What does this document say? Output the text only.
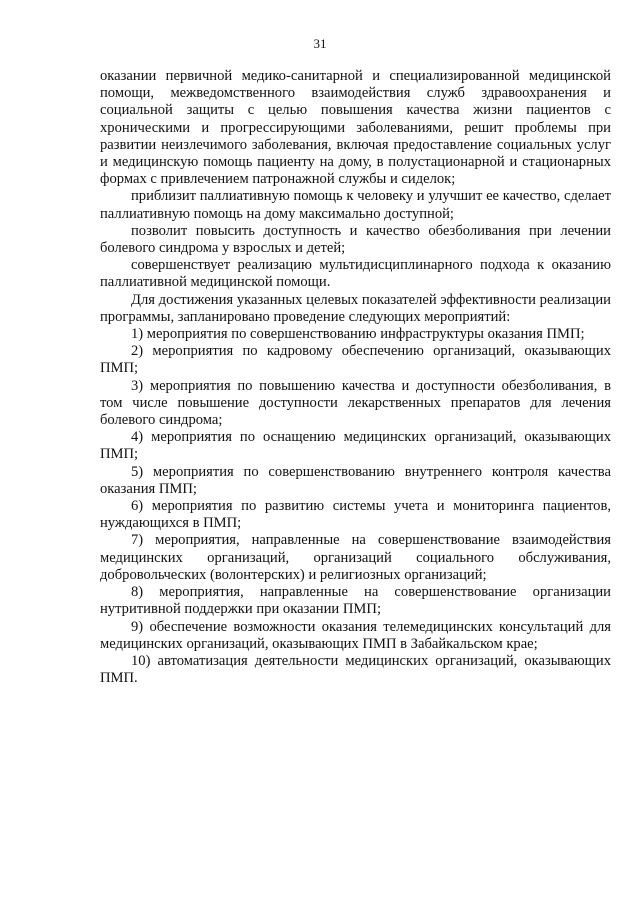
31

оказании первичной медико-санитарной и специализированной медицинской помощи, межведомственного взаимодействия служб здравоохранения и социальной защиты с целью повышения качества жизни пациентов с хроническими и прогрессирующими заболеваниями, решит проблемы при развитии неизлечимого заболевания, включая предоставление социальных услуг и медицинскую помощь пациенту на дому, в полустационарной и стационарных формах с привлечением патронажной службы и сиделок;

приблизит паллиативную помощь к человеку и улучшит ее качество, сделает паллиативную помощь на дому максимально доступной;

позволит повысить доступность и качество обезболивания при лечении болевого синдрома у взрослых и детей;

совершенствует реализацию мультидисциплинарного подхода к оказанию паллиативной медицинской помощи.

Для достижения указанных целевых показателей эффективности реализации программы, запланировано проведение следующих мероприятий:

1) мероприятия по совершенствованию инфраструктуры оказания ПМП;

2) мероприятия по кадровому обеспечению организаций, оказывающих ПМП;

3) мероприятия по повышению качества и доступности обезболивания, в том числе повышение доступности лекарственных препаратов для лечения болевого синдрома;

4) мероприятия по оснащению медицинских организаций, оказывающих ПМП;

5) мероприятия по совершенствованию внутреннего контроля качества оказания ПМП;

6) мероприятия по развитию системы учета и мониторинга пациентов, нуждающихся в ПМП;

7) мероприятия, направленные на совершенствование взаимодействия медицинских организаций, организаций социального обслуживания, добровольческих (волонтерских) и религиозных организаций;

8) мероприятия, направленные на совершенствование организации нутритивной поддержки при оказании ПМП;

9) обеспечение возможности оказания телемедицинских консультаций для медицинских организаций, оказывающих ПМП в Забайкальском крае;

10) автоматизация деятельности медицинских организаций, оказывающих ПМП.
